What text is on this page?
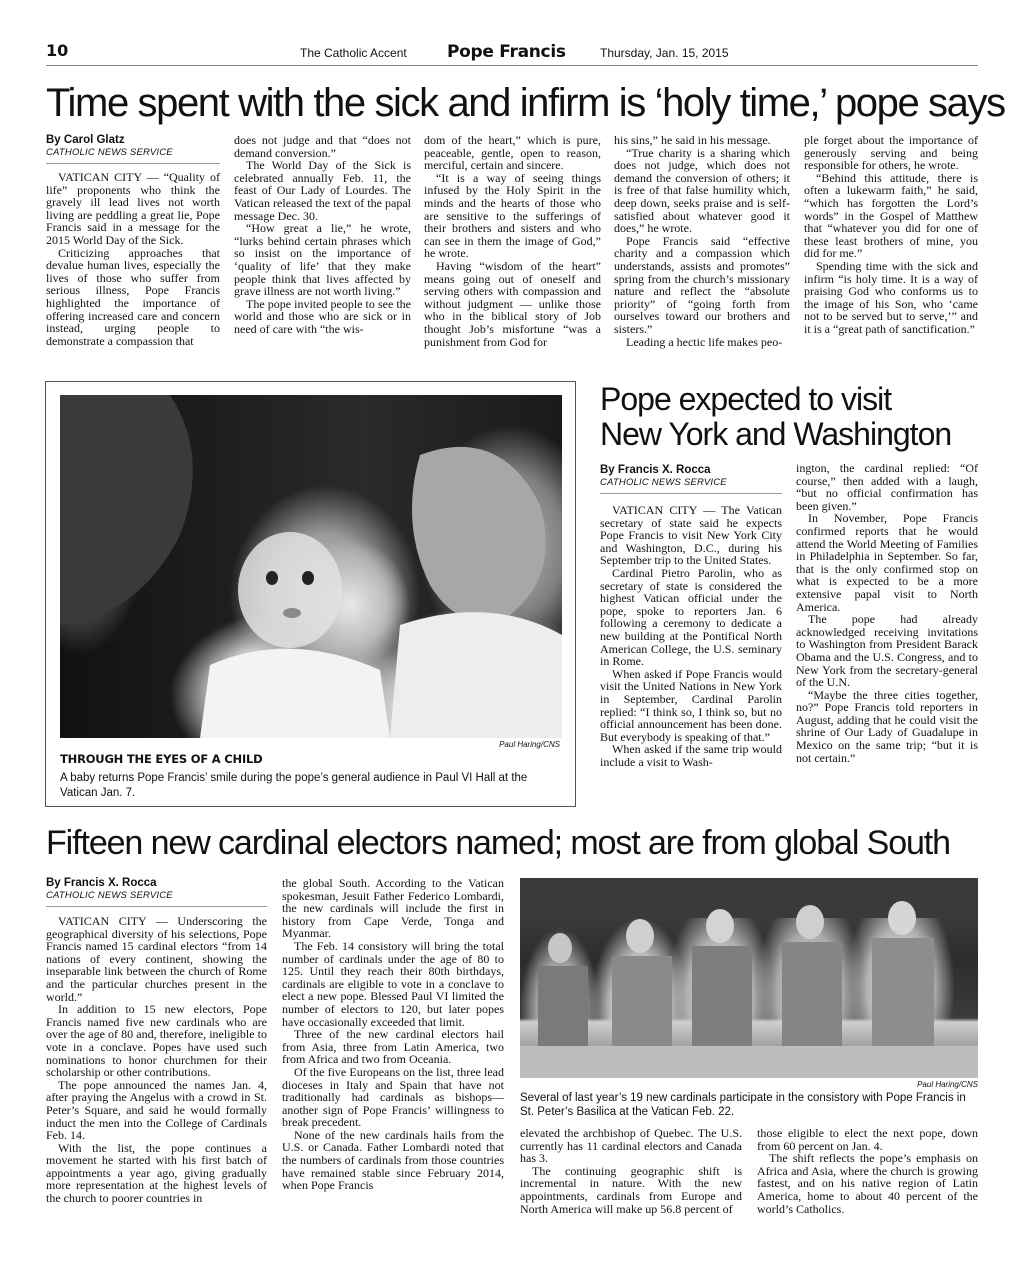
10	The Catholic Accent Pope Francis	Thursday, Jan. 15, 2015
Time spent with the sick and infirm is ‘holy time,’ pope says
By Carol Glatz
CATHOLIC NEWS SERVICE

VATICAN CITY — “Quality of life” proponents who think the gravely ill lead lives not worth living are peddling a great lie, Pope Francis said in a message for the 2015 World Day of the Sick.

Criticizing approaches that devalue human lives, especially the lives of those who suffer from serious illness, Pope Francis highlighted the importance of offering increased care and concern instead, urging people to demonstrate a compassion that

does not judge and that “does not demand conversion.”

The World Day of the Sick is celebrated annually Feb. 11, the feast of Our Lady of Lourdes. The Vatican released the text of the papal message Dec. 30.

“How great a lie,” he wrote, “lurks behind certain phrases which so insist on the importance of ‘quality of life’ that they make people think that lives affected by grave illness are not worth living.”

The pope invited people to see the world and those who are sick or in need of care with “the wis-

dom of the heart,” which is pure, peaceable, gentle, open to reason, merciful, certain and sincere.

“It is a way of seeing things infused by the Holy Spirit in the minds and the hearts of those who are sensitive to the sufferings of their brothers and sisters and who can see in them the image of God,” he wrote.

Having “wisdom of the heart” means going out of oneself and serving others with compassion and without judgment — unlike those who in the biblical story of Job thought Job’s misfortune “was a punishment from God for

his sins,” he said in his message.

“True charity is a sharing which does not judge, which does not demand the conversion of others; it is free of that false humility which, deep down, seeks praise and is self-satisfied about whatever good it does,” he wrote.

Pope Francis said “effective charity and a compassion which understands, assists and promotes” spring from the church’s missionary nature and reflect the “absolute priority” of “going forth from ourselves toward our brothers and sisters.”

Leading a hectic life makes peo-

ple forget about the importance of generously serving and being responsible for others, he wrote.

“Behind this attitude, there is often a lukewarm faith,” he said, “which has forgotten the Lord’s words” in the Gospel of Matthew that “whatever you did for one of these least brothers of mine, you did for me.”

Spending time with the sick and infirm “is holy time. It is a way of praising God who conforms us to the image of his Son, who ‘came not to be served but to serve,’” and it is a “great path of sanctification.”

Paul Haring/CNS
THROUGH THE EYES OF A CHILD
A baby returns Pope Francis’ smile during the pope’s general audience in Paul VI Hall at the Vatican Jan. 7.
Pope expected to visit
New York and Washington
By Francis X. Rocca
CATHOLIC NEWS SERVICE

VATICAN CITY — The Vatican secretary of state said he expects Pope Francis to visit New York City and Washington, D.C., during his September trip to the United States.

Cardinal Pietro Parolin, who as secretary of state is considered the highest Vatican official under the pope, spoke to reporters Jan. 6 following a ceremony to dedicate a new building at the Pontifical North American College, the U.S. seminary in Rome.

When asked if Pope Francis would visit the United Nations in New York in September, Cardinal Parolin replied: “I think so, I think so, but no official announcement has been done. But everybody is speaking of that.”

When asked if the same trip would include a visit to Wash-

ington, the cardinal replied: “Of course,” then added with a laugh, “but no official confirmation has been given.”

In November, Pope Francis confirmed reports that he would attend the World Meeting of Families in Philadelphia in September. So far, that is the only confirmed stop on what is expected to be a more extensive papal visit to North America.

The pope had already acknowledged receiving invitations to Washington from President Barack Obama and the U.S. Congress, and to New York from the secretary-general of the U.N.

“Maybe the three cities together, no?” Pope Francis told reporters in August, adding that he could visit the shrine of Our Lady of Guadalupe in Mexico on the same trip; “but it is not certain.”

Fifteen new cardinal electors named; most are from global South
By Francis X. Rocca
CATHOLIC NEWS SERVICE

VATICAN CITY — Underscoring the geographical diversity of his selections, Pope Francis named 15 cardinal electors “from 14 nations of every continent, showing the inseparable link between the church of Rome and the particular churches present in the world.”

In addition to 15 new electors, Pope Francis named five new cardinals who are over the age of 80 and, therefore, ineligible to vote in a conclave. Popes have used such nominations to honor churchmen for their scholarship or other contributions.

The pope announced the names Jan. 4, after praying the Angelus with a crowd in St. Peter’s Square, and said he would formally induct the men into the College of Cardinals Feb. 14.

With the list, the pope continues a movement he started with his first batch of appointments a year ago, giving gradually more representation at the highest levels of the church to poorer countries in

the global South. According to the Vatican spokesman, Jesuit Father Federico Lombardi, the new cardinals will include the first in history from Cape Verde, Tonga and Myanmar.

The Feb. 14 consistory will bring the total number of cardinals under the age of 80 to 125. Until they reach their 80th birthdays, cardinals are eligible to vote in a conclave to elect a new pope. Blessed Paul VI limited the number of electors to 120, but later popes have occasionally exceeded that limit.

Three of the new cardinal electors hail from Asia, three from Latin America, two from Africa and two from Oceania.

Of the five Europeans on the list, three lead dioceses in Italy and Spain that have not traditionally had cardinals as bishops— another sign of Pope Francis’ willingness to break precedent.

None of the new cardinals hails from the U.S. or Canada. Father Lombardi noted that the numbers of cardinals from those countries have remained stable since February 2014, when Pope Francis

Paul Haring/CNS
Several of last year’s 19 new cardinals participate in the consistory with Pope Francis in St. Peter’s Basilica at the Vatican Feb. 22.

elevated the archbishop of Quebec. The U.S. currently has 11 cardinal electors and Canada has 3.

The continuing geographic shift is incremental in nature. With the new appointments, cardinals from Europe and North America will make up 56.8 percent of

those eligible to elect the next pope, down from 60 percent on Jan. 4.

The shift reflects the pope’s emphasis on Africa and Asia, where the church is growing fastest, and on his native region of Latin America, home to about 40 percent of the world’s Catholics.
